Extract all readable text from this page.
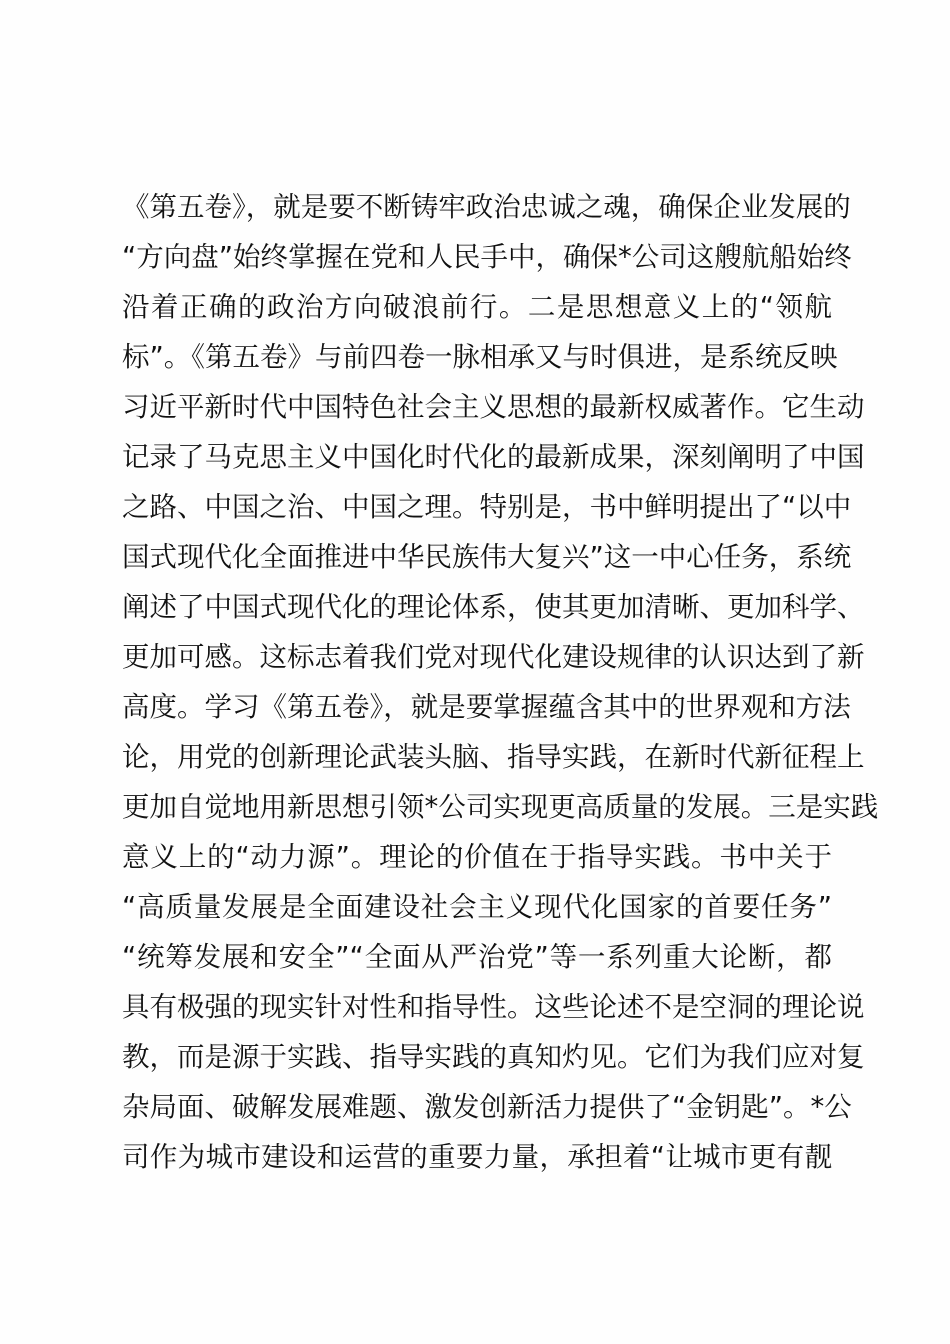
《第五卷》，就是要不断铸牢政治忠诚之魂，确保企业发展的
“方向盘”始终掌握在党和人民手中，确保*公司这艘航船始终
沿着正确的政治方向破浪前行。二是思想意义上的“领航
标”。《第五卷》与前四卷一脉相承又与时俱进，是系统反映
习近平新时代中国特色社会主义思想的最新权威著作。它生动
记录了马克思主义中国化时代化的最新成果，深刻阐明了中国
之路、中国之治、中国之理。特别是，书中鲜明提出了“以中
国式现代化全面推进中华民族伟大复兴”这一中心任务，系统
阐述了中国式现代化的理论体系，使其更加清晰、更加科学、
更加可感。这标志着我们党对现代化建设规律的认识达到了新
高度。学习《第五卷》，就是要掌握蕴含其中的世界观和方法
论，用党的创新理论武装头脑、指导实践，在新时代新征程上
更加自觉地用新思想引领*公司实现更高质量的发展。三是实践
意义上的“动力源”。理论的价值在于指导实践。书中关于
“高质量发展是全面建设社会主义现代化国家的首要任务”
“统筹发展和安全”“全面从严治党”等一系列重大论断，都
具有极强的现实针对性和指导性。这些论述不是空洞的理论说
教，而是源于实践、指导实践的真知灼见。它们为我们应对复
杂局面、破解发展难题、激发创新活力提供了“金钥匙”。*公
司作为城市建设和运营的重要力量，承担着“让城市更有靓
